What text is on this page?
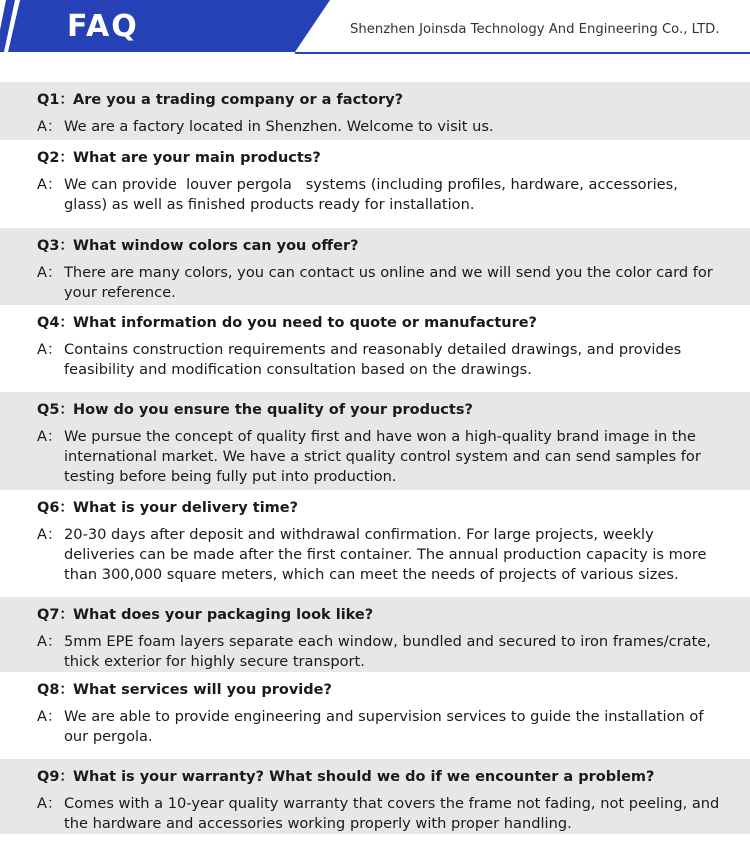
FAQ	Shenzhen Joinsda Technology And Engineering Co., LTD.
Q1： Are you a trading company or a factory?
A： We are a factory located in Shenzhen. Welcome to visit us.
Q2： What are your main products?
A： We can provide  louver pergola   systems (including profiles, hardware, accessories, glass) as well as finished products ready for installation.
Q3： What window colors can you offer?
A： There are many colors, you can contact us online and we will send you the color card for your reference.
Q4： What information do you need to quote or manufacture?
A： Contains construction requirements and reasonably detailed drawings, and provides feasibility and modification consultation based on the drawings.
Q5： How do you ensure the quality of your products?
A： We pursue the concept of quality first and have won a high-quality brand image in the international market. We have a strict quality control system and can send samples for testing before being fully put into production.
Q6： What is your delivery time?
A： 20-30 days after deposit and withdrawal confirmation. For large projects, weekly deliveries can be made after the first container. The annual production capacity is more than 300,000 square meters, which can meet the needs of projects of various sizes.
Q7： What does your packaging look like?
A： 5mm EPE foam layers separate each window, bundled and secured to iron frames/crate, thick exterior for highly secure transport.
Q8： What services will you provide?
A： We are able to provide engineering and supervision services to guide the installation of our pergola.
Q9： What is your warranty? What should we do if we encounter a problem?
A： Comes with a 10-year quality warranty that covers the frame not fading, not peeling, and the hardware and accessories working properly with proper handling.
